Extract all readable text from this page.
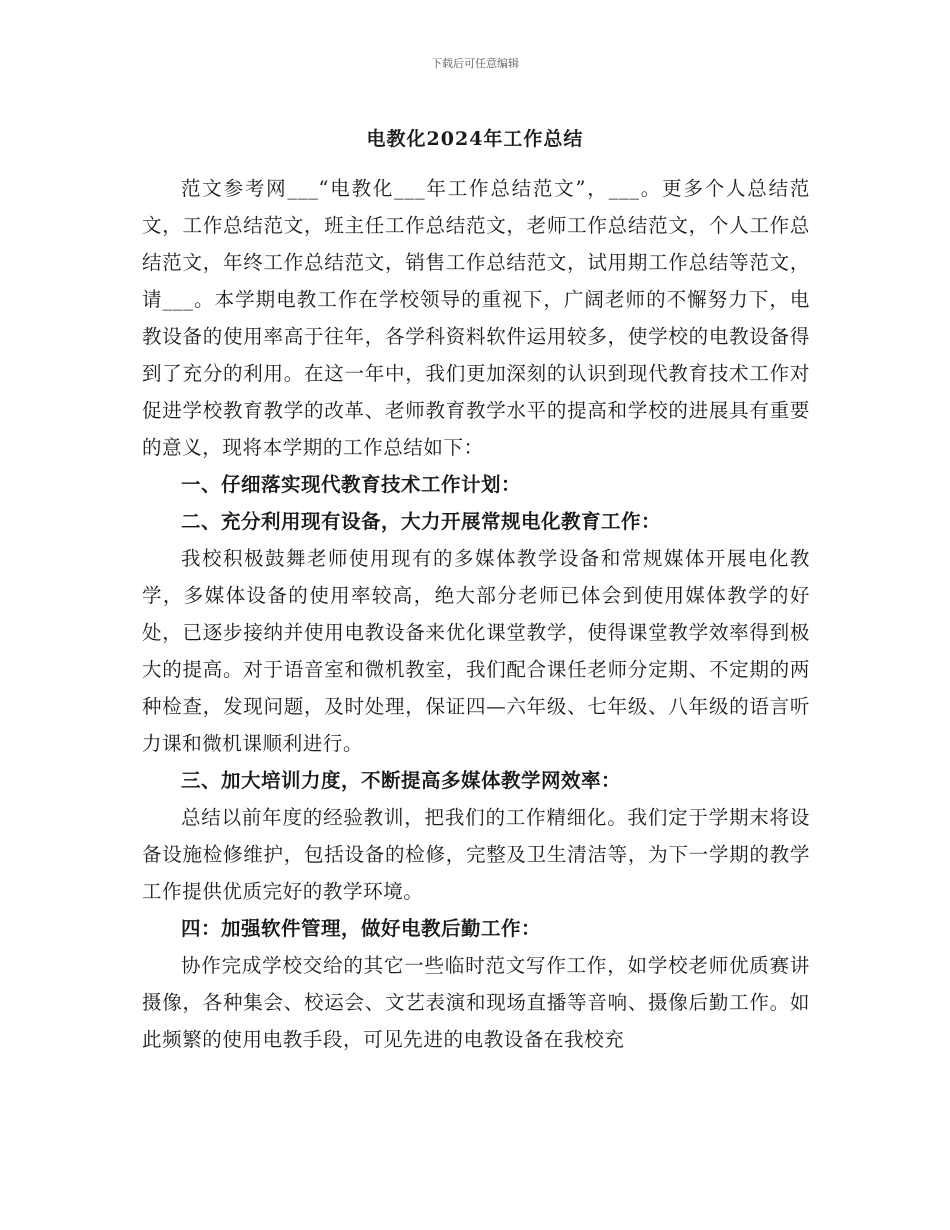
下载后可任意编辑
电教化2024年工作总结

范文参考网___“电教化___年工作总结范文”，___。更多个人总结范文，工作总结范文，班主任工作总结范文，老师工作总结范文，个人工作总结范文，年终工作总结范文，销售工作总结范文，试用期工作总结等范文，请___。本学期电教工作在学校领导的重视下，广阔老师的不懈努力下，电教设备的使用率高于往年，各学科资料软件运用较多，使学校的电教设备得到了充分的利用。在这一年中，我们更加深刻的认识到现代教育技术工作对促进学校教育教学的改革、老师教育教学水平的提高和学校的进展具有重要的意义，现将本学期的工作总结如下：

一、仔细落实现代教育技术工作计划：

二、充分利用现有设备，大力开展常规电化教育工作：

我校积极鼓舞老师使用现有的多媒体教学设备和常规媒体开展电化教学，多媒体设备的使用率较高，绝大部分老师已体会到使用媒体教学的好处，已逐步接纳并使用电教设备来优化课堂教学，使得课堂教学效率得到极大的提高。对于语音室和微机教室，我们配合课任老师分定期、不定期的两种检查，发现问题，及时处理，保证四—六年级、七年级、八年级的语言听力课和微机课顺利进行。

三、加大培训力度，不断提高多媒体教学网效率：

总结以前年度的经验教训，把我们的工作精细化。我们定于学期末将设备设施检修维护，包括设备的检修，完整及卫生清洁等，为下一学期的教学工作提供优质完好的教学环境。

四：加强软件管理，做好电教后勤工作：

协作完成学校交给的其它一些临时范文写作工作，如学校老师优质赛讲摄像，各种集会、校运会、文艺表演和现场直播等音响、摄像后勤工作。如此频繁的使用电教手段，可见先进的电教设备在我校充
